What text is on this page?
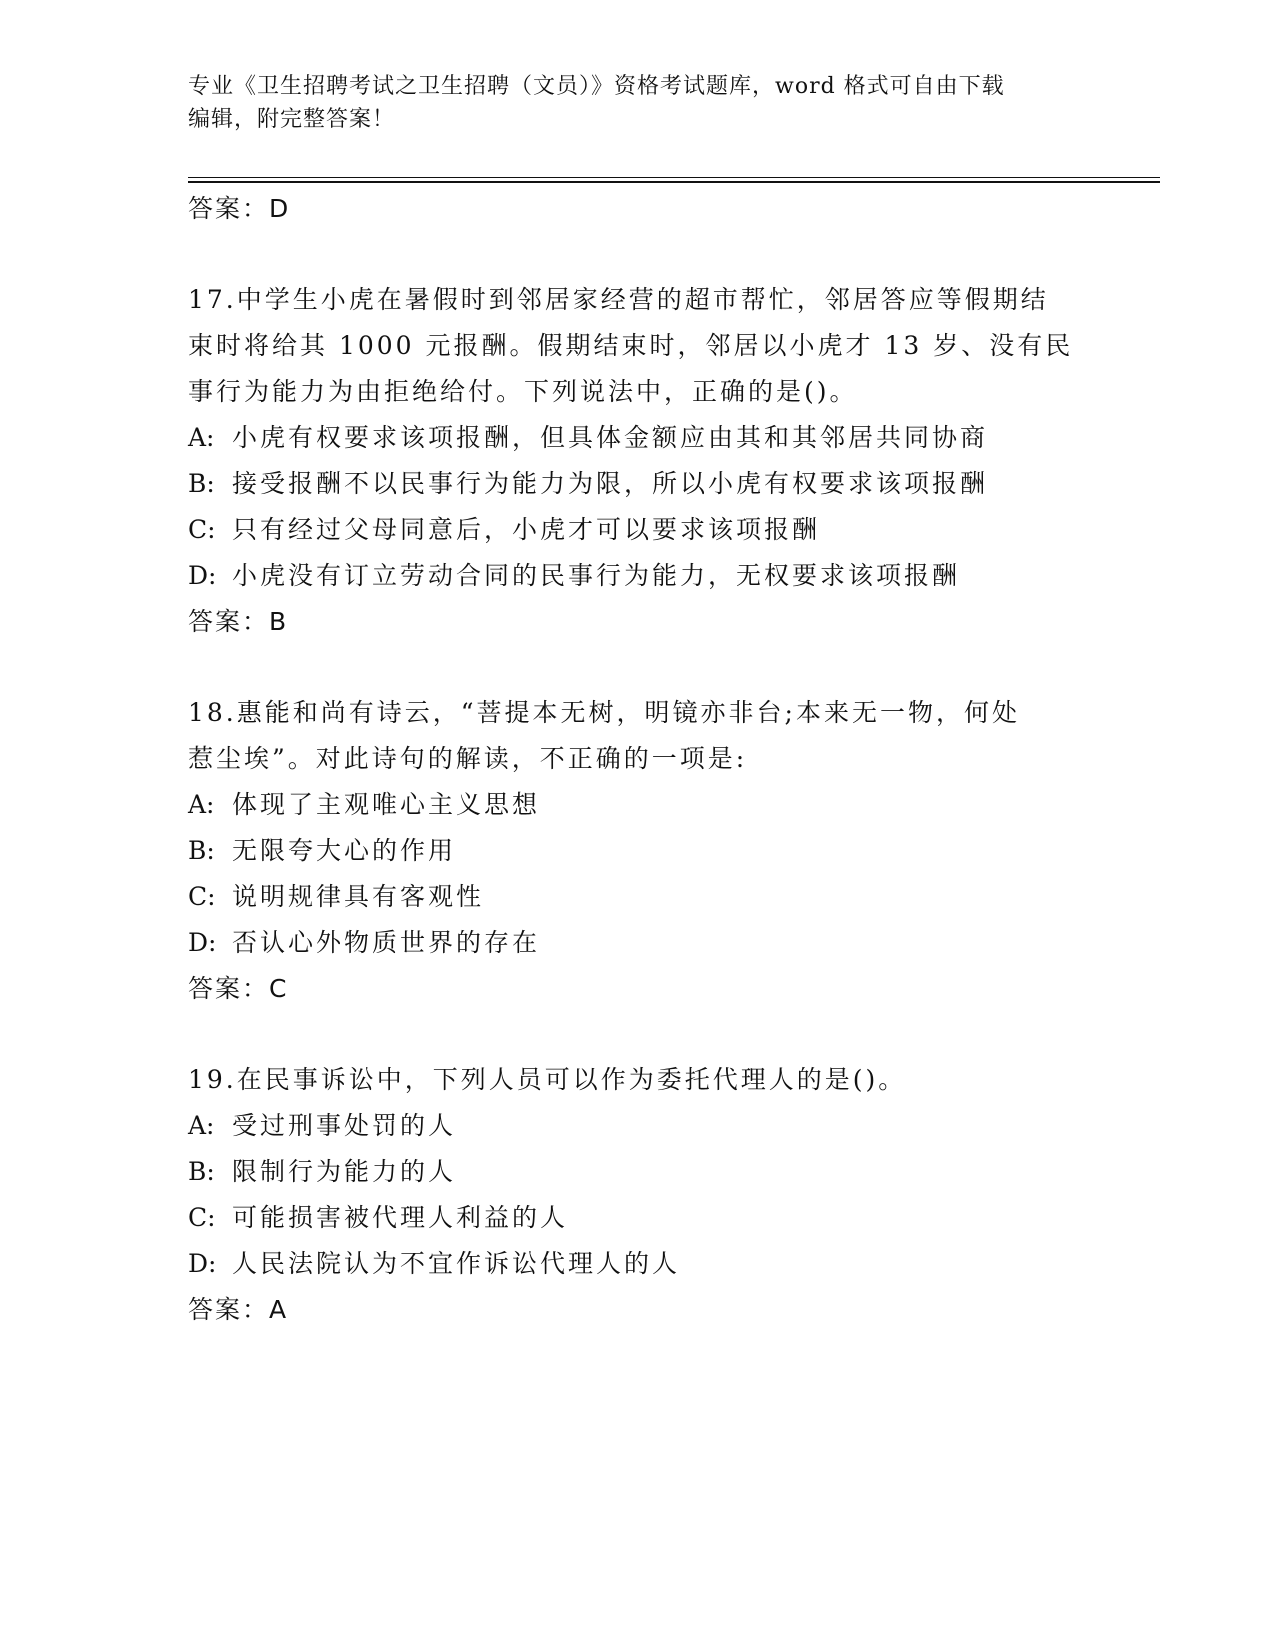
专业《卫生招聘考试之卫生招聘（文员）》资格考试题库，word 格式可自由下载
编辑，附完整答案！
答案：D
17.中学生小虎在暑假时到邻居家经营的超市帮忙，邻居答应等假期结
束时将给其 1000 元报酬。假期结束时，邻居以小虎才 13 岁、没有民
事行为能力为由拒绝给付。下列说法中，正确的是()。
A: 小虎有权要求该项报酬，但具体金额应由其和其邻居共同协商
B: 接受报酬不以民事行为能力为限，所以小虎有权要求该项报酬
C: 只有经过父母同意后，小虎才可以要求该项报酬
D: 小虎没有订立劳动合同的民事行为能力，无权要求该项报酬
答案：B
18.惠能和尚有诗云，“菩提本无树，明镜亦非台;本来无一物，何处
惹尘埃”。对此诗句的解读，不正确的一项是:
A: 体现了主观唯心主义思想
B: 无限夸大心的作用
C: 说明规律具有客观性
D: 否认心外物质世界的存在
答案：C
19.在民事诉讼中，下列人员可以作为委托代理人的是()。
A: 受过刑事处罚的人
B: 限制行为能力的人
C: 可能损害被代理人利益的人
D: 人民法院认为不宜作诉讼代理人的人
答案：A
